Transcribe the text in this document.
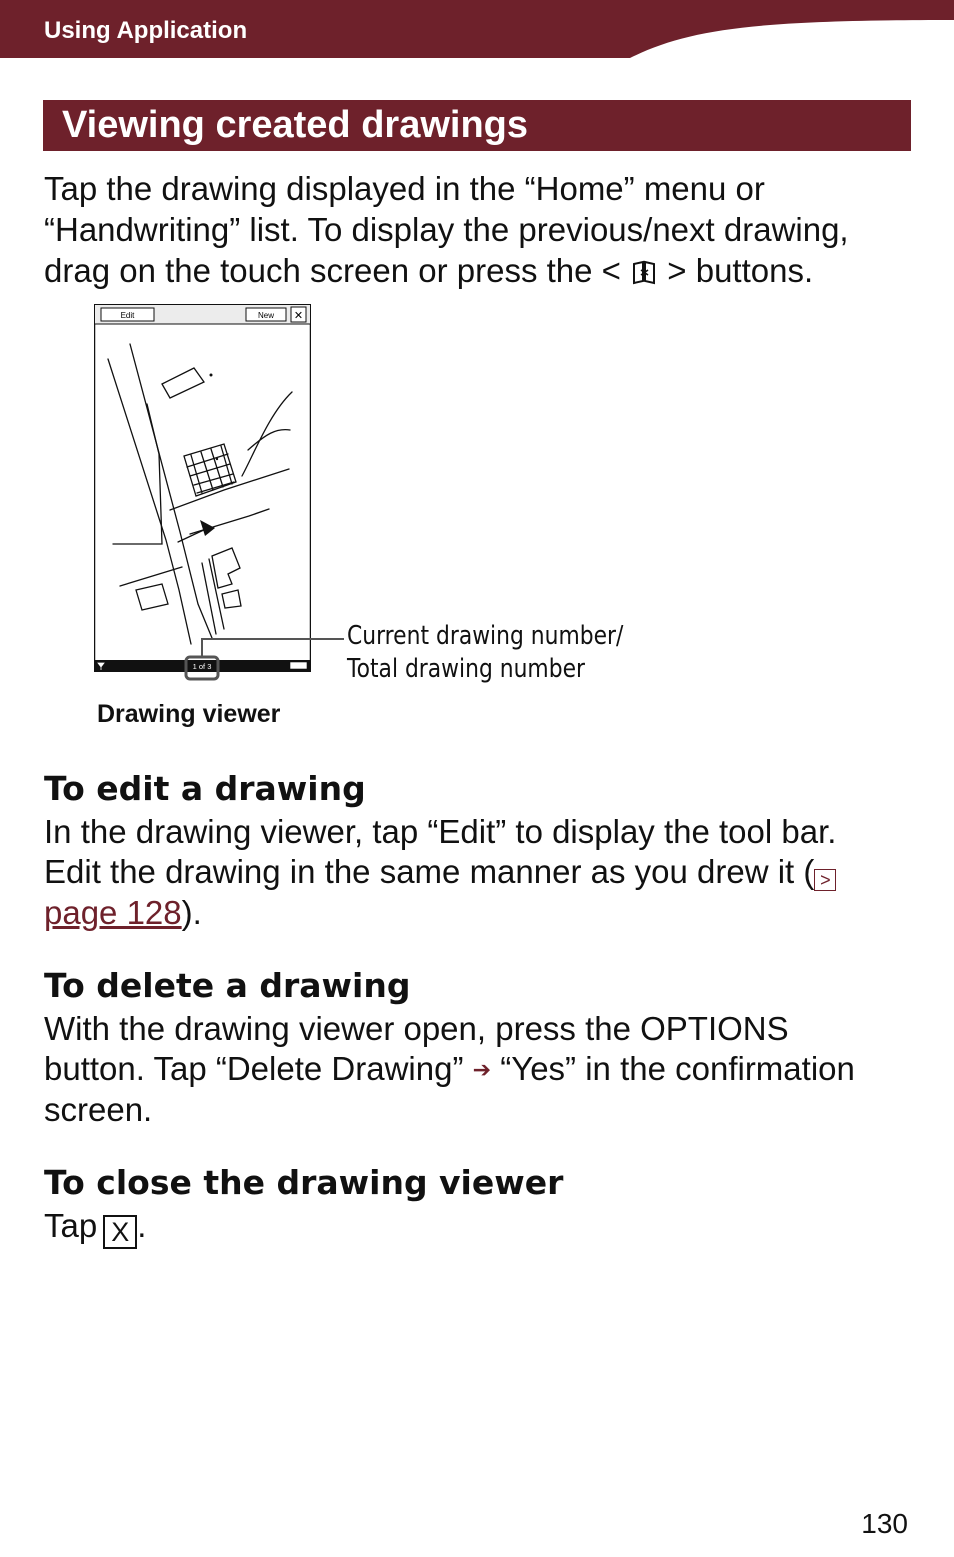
Using Application
Viewing created drawings
Tap the drawing displayed in the “Home” menu or
“Handwriting” list. To display the previous/next drawing,
drag on the touch screen or press the < > buttons.
Edit	New ✕
1 of 3
Current drawing number/
Total drawing number
Drawing viewer
To edit a drawing
In the drawing viewer, tap “Edit” to display the tool bar.
Edit the drawing in the same manner as you drew it ( >
page 128).
To delete a drawing
With the drawing viewer open, press the OPTIONS
button. Tap “Delete Drawing” ➔ “Yes” in the confirmation
screen.
To close the drawing viewer
Tap X .
130
